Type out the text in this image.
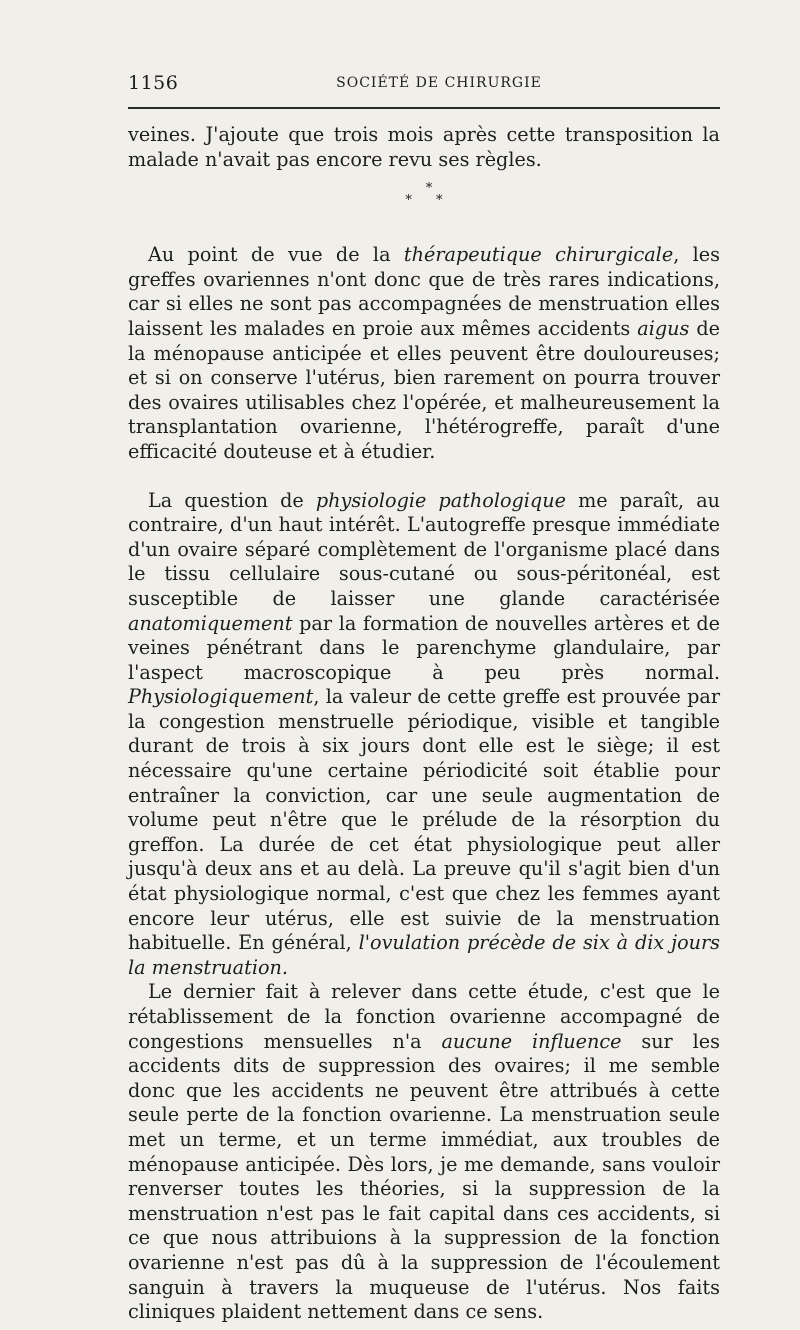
1156	SOCIÉTÉ DE CHIRURGIE

veines. J'ajoute que trois mois après cette transposition la malade n'avait pas encore revu ses règles.

*
* *

Au point de vue de la thérapeutique chirurgicale, les greffes ovariennes n'ont donc que de très rares indications, car si elles ne sont pas accompagnées de menstruation elles laissent les malades en proie aux mêmes accidents aigus de la ménopause anticipée et elles peuvent être douloureuses; et si on conserve l'utérus, bien rarement on pourra trouver des ovaires utilisables chez l'opérée, et malheureusement la transplantation ovarienne, l'hétérogreffe, paraît d'une efficacité douteuse et à étudier.

La question de physiologie pathologique me paraît, au contraire, d'un haut intérêt. L'autogreffe presque immédiate d'un ovaire séparé complètement de l'organisme placé dans le tissu cellulaire sous-cutané ou sous-péritonéal, est susceptible de laisser une glande caractérisée anatomiquement par la formation de nouvelles artères et de veines pénétrant dans le parenchyme glandulaire, par l'aspect macroscopique à peu près normal. Physiologiquement, la valeur de cette greffe est prouvée par la congestion menstruelle périodique, visible et tangible durant de trois à six jours dont elle est le siège; il est nécessaire qu'une certaine périodicité soit établie pour entraîner la conviction, car une seule augmentation de volume peut n'être que le prélude de la résorption du greffon. La durée de cet état physiologique peut aller jusqu'à deux ans et au delà. La preuve qu'il s'agit bien d'un état physiologique normal, c'est que chez les femmes ayant encore leur utérus, elle est suivie de la menstruation habituelle. En général, l'ovulation précède de six à dix jours la menstruation.

Le dernier fait à relever dans cette étude, c'est que le rétablissement de la fonction ovarienne accompagné de congestions mensuelles n'a aucune influence sur les accidents dits de suppression des ovaires; il me semble donc que les accidents ne peuvent être attribués à cette seule perte de la fonction ovarienne. La menstruation seule met un terme, et un terme immédiat, aux troubles de ménopause anticipée. Dès lors, je me demande, sans vouloir renverser toutes les théories, si la suppression de la menstruation n'est pas le fait capital dans ces accidents, si ce que nous attribuions à la suppression de la fonction ovarienne n'est pas dû à la suppression de l'écoulement sanguin à travers la muqueuse de l'utérus. Nos faits cliniques plaident nettement dans ce sens.
